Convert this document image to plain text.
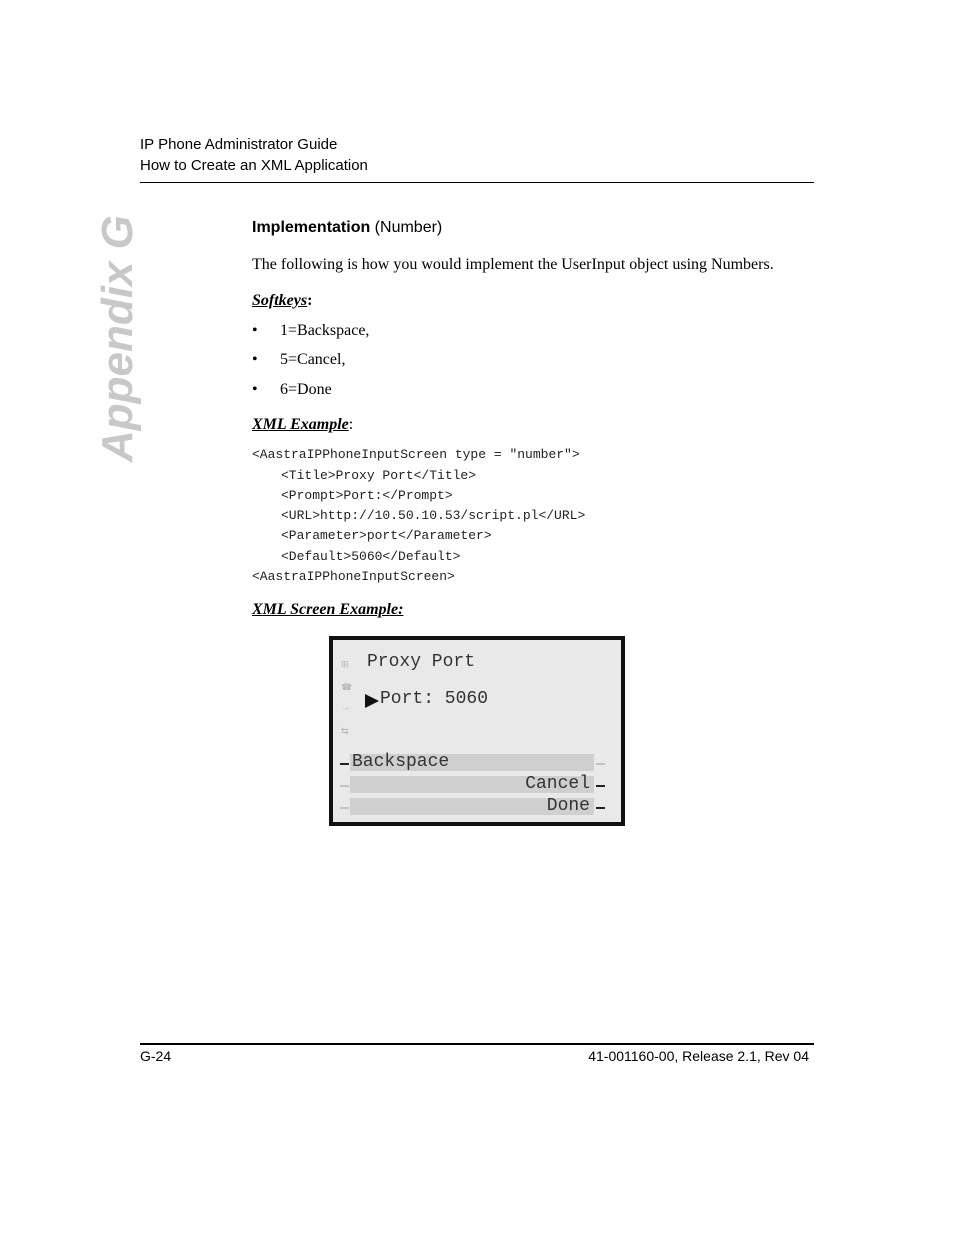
IP Phone Administrator Guide
How to Create an XML Application
Appendix G	Implementation (Number)
The following is how you would implement the UserInput object using Numbers.
Softkeys:
• 1=Backspace,
• 5=Cancel,
• 6=Done
XML Example:
<AastraIPPhoneInputScreen type = "number">
<Title>Proxy Port</Title>
<Prompt>Port:</Prompt>
<URL>http://10.50.10.53/script.pl</URL>
<Parameter>port</Parameter>
<Default>5060</Default>
<AastraIPPhoneInputScreen>
XML Screen Example:
⊞
☎
→
⇆
Proxy Port
Port: 5060
Backspace
Cancel
Done
G-24	41-001160-00, Release 2.1, Rev 04
